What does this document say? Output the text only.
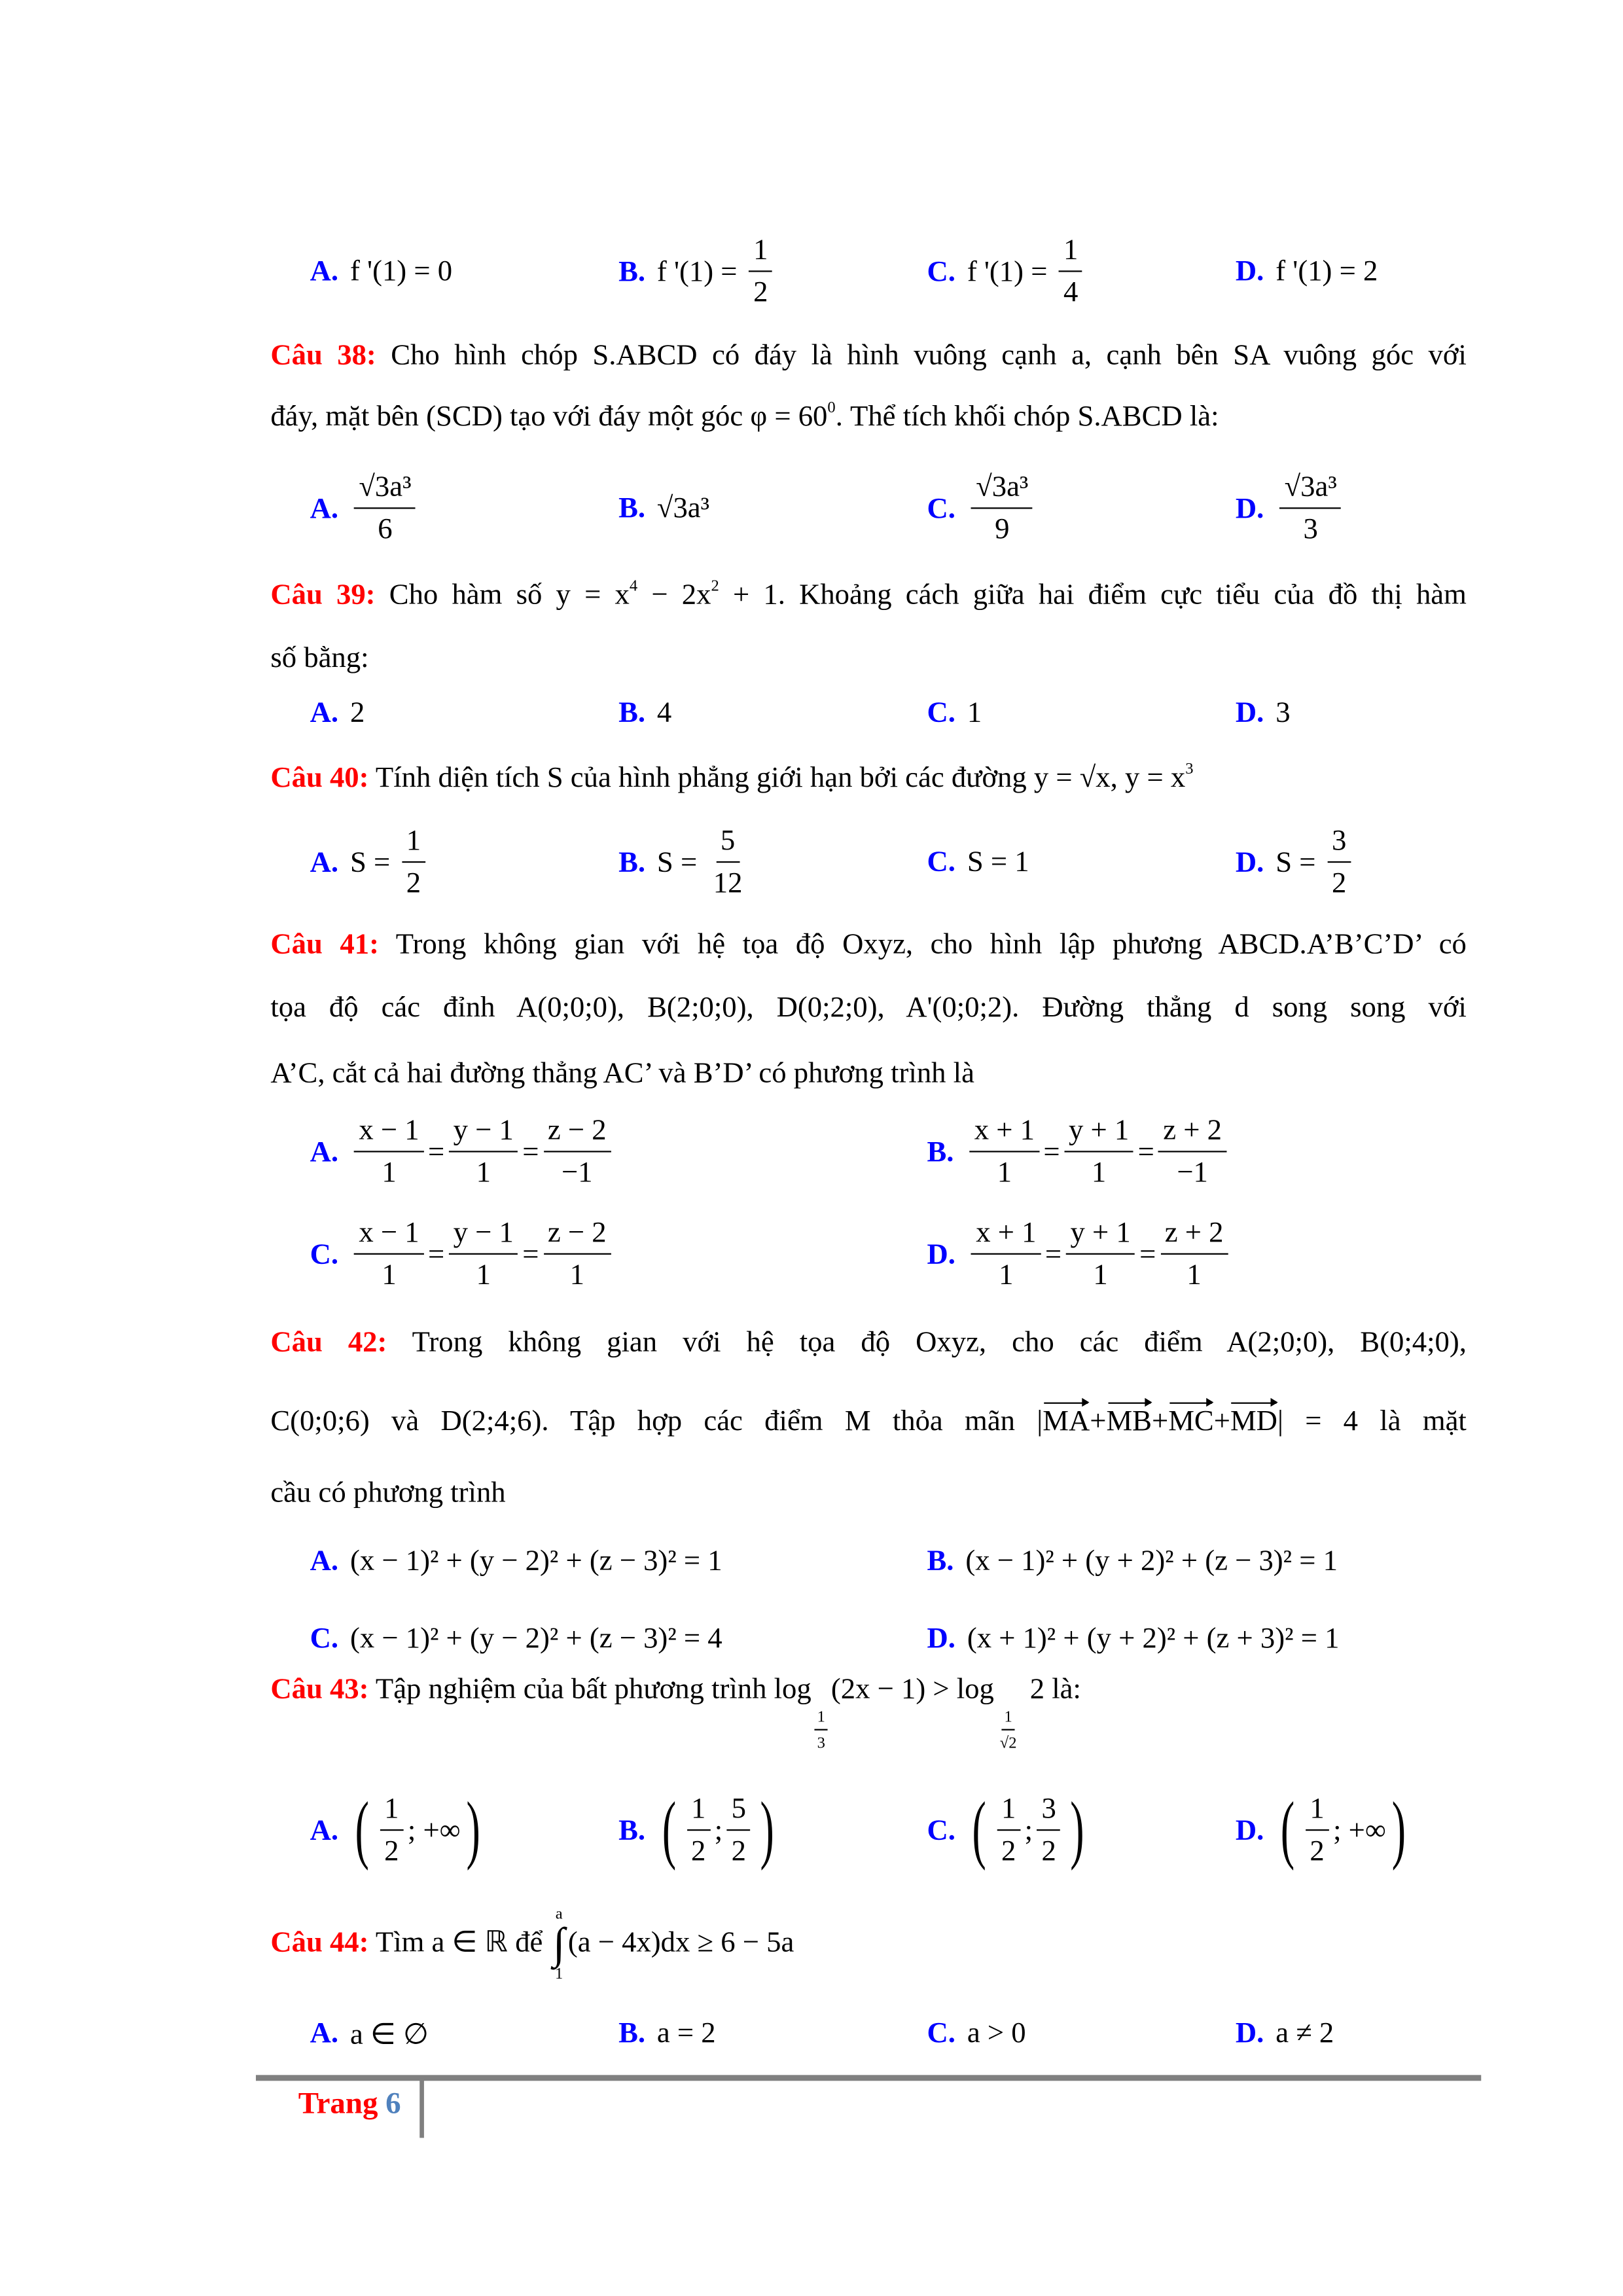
A. f '(1) = 0	B. f '$(1) = \frac{1}{2}$	C. f '$(1) = \frac{1}{4}$	D. f '(1) = 2
Câu 38: Cho hình chóp S.ABCD có đáy là hình vuông cạnh a, cạnh bên SA vuông góc với
đáy, mặt bên (SCD) tạo với đáy một góc $\varphi = 60^0$. Thể tích khối chóp S.ABCD là:
A. $\frac{\text{√3a³}}{6}$	B. √3a³	C. $\frac{\text{√3a³}}{9}$	D. $\frac{\text{√3a³}}{3}$
Câu 39: Cho hàm số $y = x^4 - 2x^2 + 1$. Khoảng cách giữa hai điểm cực tiểu của đồ thị hàm
số bằng:
A. 2	B. 4	C. 1	D. 3
Câu 40: Tính diện tích S của hình phẳng giới hạn bởi các đường y = √x, $y = x^3$
A. $S = \frac{1}{2}$	B. $S = \frac{5}{12}$	C. S = 1	D. $S = \frac{3}{2}$
Câu 41: Trong không gian với hệ tọa độ Oxyz, cho hình lập phương ABCD.A’B’C’D’ có
tọa độ các đỉnh A(0;0;0), B(2;0;0), D(0;2;0), A'(0;0;2). Đường thẳng d song song với
A’C, cắt cả hai đường thẳng AC’ và B’D’ có phương trình là
A. $\frac{x - 1}{1} = \frac{y - 1}{1} = \frac{z - 2}{-1}$	B. $\frac{x + 1}{1} = \frac{y + 1}{1} = \frac{z + 2}{-1}$
C. $\frac{x - 1}{1} = \frac{y - 1}{1} = \frac{z - 2}{1}$	D. $\frac{x + 1}{1} = \frac{y + 1}{1} = \frac{z + 2}{1}$
Câu 42: Trong không gian với hệ tọa độ Oxyz, cho các điểm A(2;0;0), B(0;4;0),
C(0;0;6) và D(2;4;6). Tập hợp các điểm M thỏa mãn |MA+MB+MC+MD| = 4 là mặt
cầu có phương trình
A. (x − 1)² + (y − 2)² + (z − 3)² = 1	B. (x − 1)² + (y + 2)² + (z − 3)² = 1
C. (x − 1)² + (y − 2)² + (z − 3)² = 4	D. (x + 1)² + (y + 2)² + (z + 3)² = 1
Câu 43: Tập nghiệm của bất phương trình log
$\frac{1}{3}$
(2x − 1) > log
$\frac{1}{√2}$
2 là:
A. ( $\frac{1}{2}$ ; +∞ )	B. ( $\frac{1}{2}$ ; $\frac{5}{2}$ )	C. ( $\frac{1}{2}$ ; $\frac{3}{2}$ )	D. ( $\frac{1}{2}$ ; +∞ )
Câu 44: Tìm a ∈ ℝ để
a
∫
1
(a − 4x)dx ≥ 6 − 5a
A. a ∈ ∅	B. a = 2	C. a > 0	D. a ≠ 2
Trang 6
